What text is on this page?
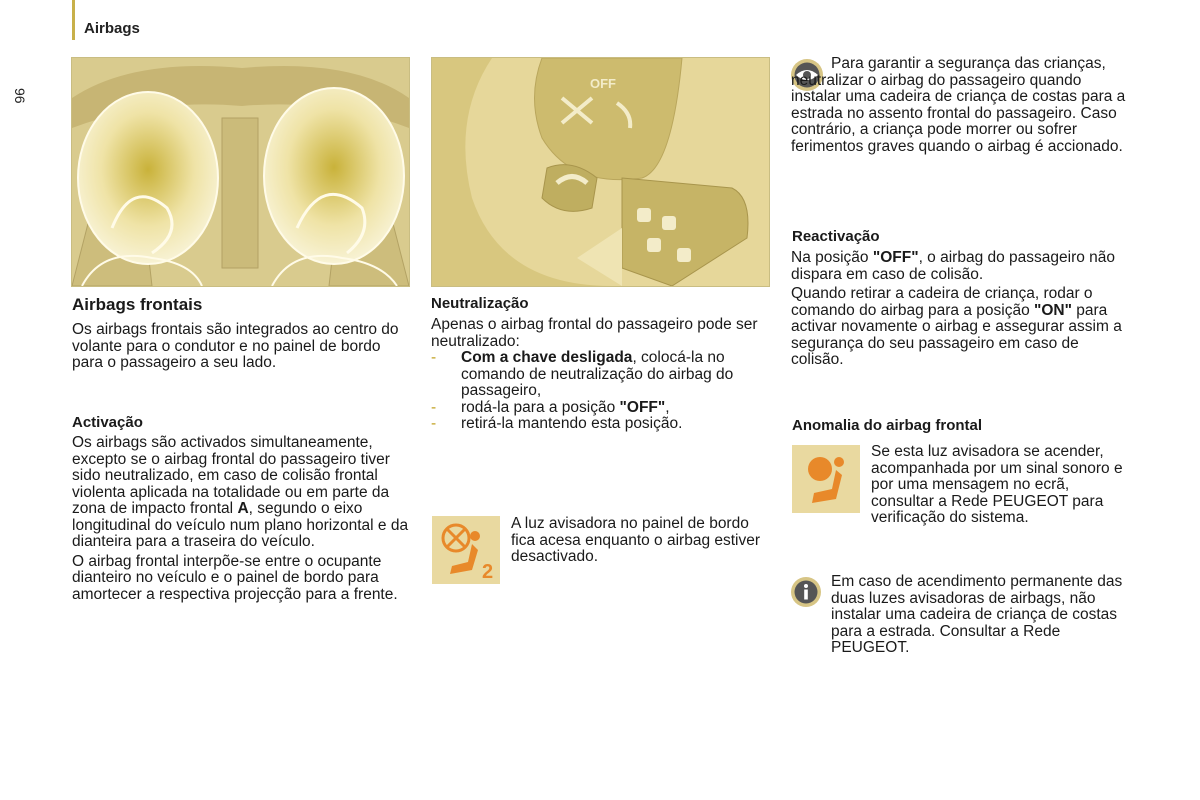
Airbags
96
OFF
Airbags frontais

Os airbags frontais são integrados ao centro do volante para o condutor e no painel de bordo para o passageiro a seu lado.

Activação

Os airbags são activados simultaneamente, excepto se o airbag frontal do passageiro tiver sido neutralizado, em caso de colisão frontal violenta aplicada na totalidade ou em parte da zona de impacto frontal A, segundo o eixo longitudinal do veículo num plano horizontal e da dianteira para a traseira do veículo.

O airbag frontal interpõe-se entre o ocupante dianteiro no veículo e o painel de bordo para amortecer a respectiva projecção para a frente.

Neutralização

Apenas o airbag frontal do passageiro pode ser neutralizado:

-	Com a chave desligada, colocá-la no comando de neutralização do airbag do passageiro,
-	rodá-la para a posição "OFF",
-	retirá-la mantendo esta posição.
2
A luz avisadora no painel de bordo fica acesa enquanto o airbag estiver desactivado.

Para garantir a segurança das crianças, neutralizar o airbag do passageiro quando instalar uma cadeira de criança de costas para a estrada no assento frontal do passageiro. Caso contrário, a criança pode morrer ou sofrer ferimentos graves quando o airbag é accionado.

Reactivação

Na posição "OFF", o airbag do passageiro não dispara em caso de colisão.

Quando retirar a cadeira de criança, rodar o comando do airbag para a posição "ON" para activar novamente o airbag e assegurar assim a segurança do seu passageiro em caso de colisão.

Anomalia do airbag frontal
Se esta luz avisadora se acender, acompanhada por um sinal sonoro e por uma mensagem no ecrã, consultar a Rede PEUGEOT para verificação do sistema.
Em caso de acendimento permanente das duas luzes avisadoras de airbags, não instalar uma cadeira de criança de costas para a estrada. Consultar a Rede PEUGEOT.
